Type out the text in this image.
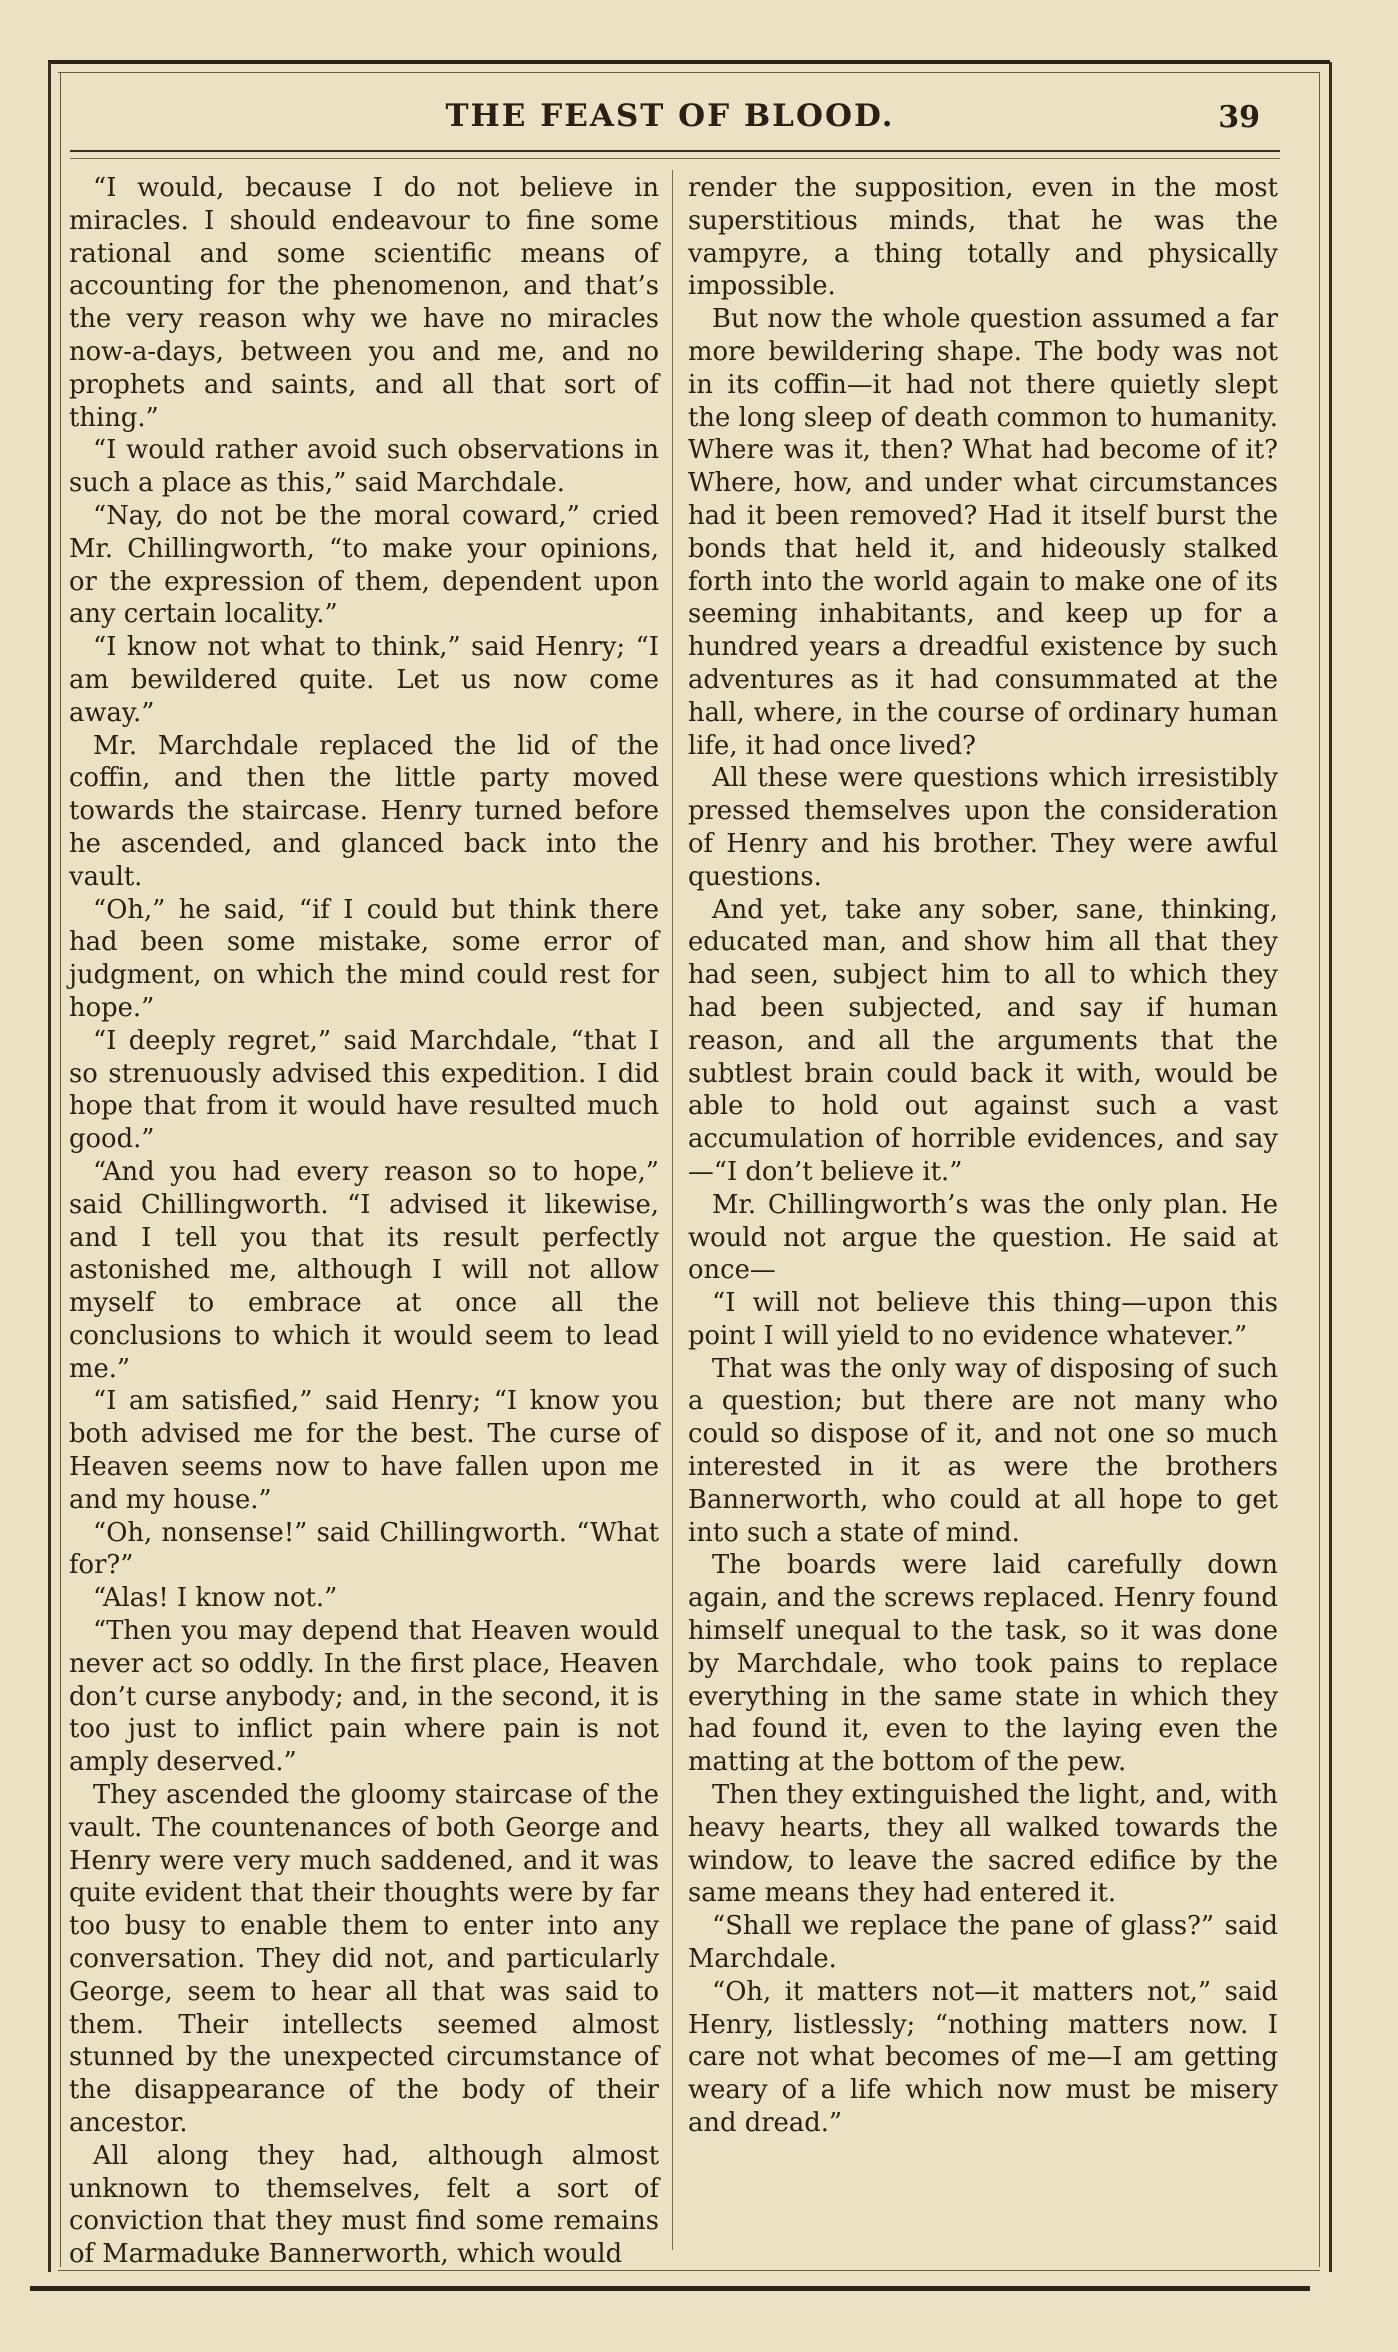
THE FEAST OF BLOOD.	39

“I would, because I do not believe in miracles. I should endeavour to fine some rational and some scientific means of accounting for the phenomenon, and that’s the very reason why we have no miracles now-a-days, between you and me, and no prophets and saints, and all that sort of thing.”

“I would rather avoid such observations in such a place as this,” said Marchdale.

“Nay, do not be the moral coward,” cried Mr. Chillingworth, “to make your opinions, or the expression of them, dependent upon any certain locality.”

“I know not what to think,” said Henry; “I am bewildered quite. Let us now come away.”

Mr. Marchdale replaced the lid of the coffin, and then the little party moved towards the staircase. Henry turned before he ascended, and glanced back into the vault.

“Oh,” he said, “if I could but think there had been some mistake, some error of judgment, on which the mind could rest for hope.”

“I deeply regret,” said Marchdale, “that I so strenuously advised this expedition. I did hope that from it would have resulted much good.”

“And you had every reason so to hope,” said Chillingworth. “I advised it likewise, and I tell you that its result perfectly astonished me, although I will not allow myself to embrace at once all the conclusions to which it would seem to lead me.”

“I am satisfied,” said Henry; “I know you both advised me for the best. The curse of Heaven seems now to have fallen upon me and my house.”

“Oh, nonsense!” said Chillingworth. “What for?”

“Alas! I know not.”

“Then you may depend that Heaven would never act so oddly. In the first place, Heaven don’t curse anybody; and, in the second, it is too just to inflict pain where pain is not amply deserved.”

They ascended the gloomy staircase of the vault. The countenances of both George and Henry were very much saddened, and it was quite evident that their thoughts were by far too busy to enable them to enter into any conversation. They did not, and particularly George, seem to hear all that was said to them. Their intellects seemed almost stunned by the unexpected circumstance of the disappearance of the body of their ancestor.

All along they had, although almost unknown to themselves, felt a sort of conviction that they must find some remains of Marmaduke Bannerworth, which would

render the supposition, even in the most superstitious minds, that he was the vampyre, a thing totally and physically impossible.

But now the whole question assumed a far more bewildering shape. The body was not in its coffin—it had not there quietly slept the long sleep of death common to humanity. Where was it, then? What had become of it? Where, how, and under what circumstances had it been removed? Had it itself burst the bonds that held it, and hideously stalked forth into the world again to make one of its seeming inhabitants, and keep up for a hundred years a dreadful existence by such adventures as it had consummated at the hall, where, in the course of ordinary human life, it had once lived?

All these were questions which irresistibly pressed themselves upon the consideration of Henry and his brother. They were awful questions.

And yet, take any sober, sane, thinking, educated man, and show him all that they had seen, subject him to all to which they had been subjected, and say if human reason, and all the arguments that the subtlest brain could back it with, would be able to hold out against such a vast accumulation of horrible evidences, and say—“I don’t believe it.”

Mr. Chillingworth’s was the only plan. He would not argue the question. He said at once—

“I will not believe this thing—upon this point I will yield to no evidence whatever.”

That was the only way of disposing of such a question; but there are not many who could so dispose of it, and not one so much interested in it as were the brothers Bannerworth, who could at all hope to get into such a state of mind.

The boards were laid carefully down again, and the screws replaced. Henry found himself unequal to the task, so it was done by Marchdale, who took pains to replace everything in the same state in which they had found it, even to the laying even the matting at the bottom of the pew.

Then they extinguished the light, and, with heavy hearts, they all walked towards the window, to leave the sacred edifice by the same means they had entered it.

“Shall we replace the pane of glass?” said Marchdale.

“Oh, it matters not—it matters not,” said Henry, listlessly; “nothing matters now. I care not what becomes of me—I am getting weary of a life which now must be misery and dread.”
